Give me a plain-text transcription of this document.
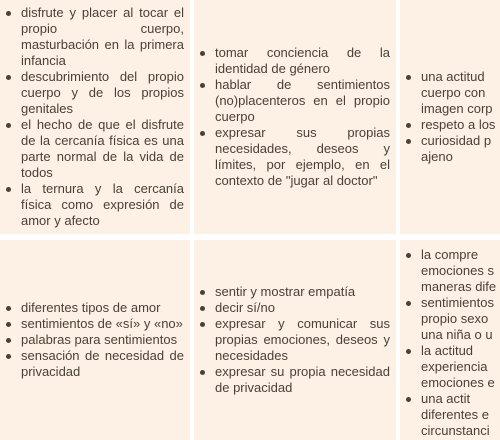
disfrute y placer al tocar el propio cuerpo, masturbación en la primera infancia
descubrimiento del propio cuerpo y de los propios genitales
el hecho de que el disfrute de la cercanía física es una parte normal de la vida de todos
la ternura y la cercanía física como expresión de amor y afecto
tomar conciencia de la identidad de género
hablar de sentimientos (no)placenteros en el propio cuerpo
expresar sus propias necesidades, deseos y límites, por ejemplo, en el contexto de "jugar al doctor"
una actitud
cuerpo con
imagen corp
respeto a los
curiosidad p
ajeno
diferentes tipos de amor
sentimientos de «sí» y «no»
palabras para sentimientos
sensación de necesidad de privacidad
sentir y mostrar empatía
decir sí/no
expresar y comunicar sus propias emociones, deseos y necesidades
expresar su propia necesidad de privacidad
la compre
emociones s
maneras dife
sentimientos
propio sexo
una niña o u
la actitud
experiencia
emociones e
una actit
diferentes e
circunstanci
